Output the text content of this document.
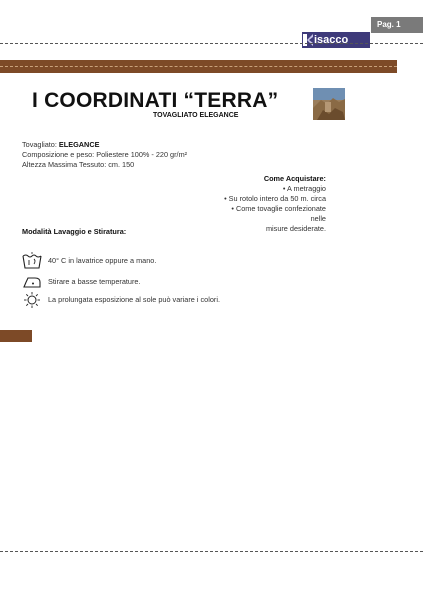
Pag. 1
isacco
I COORDINATI “TERRA”
TOVAGLIATO ELEGANCE
Tovagliato: ELEGANCE
Composizione e peso: Poliestere 100% - 220 gr/m²
Altezza Massima Tessuto: cm. 150
Come Acquistare:
• A metraggio
• Su rotolo intero da 50 m. circa
• Come tovaglie confezionate nelle
misure desiderate.
Modalità Lavaggio e Stiratura:
40° C in lavatrice oppure a mano.
Stirare a basse temperature.
La prolungata esposizione al sole può variare i colori.
